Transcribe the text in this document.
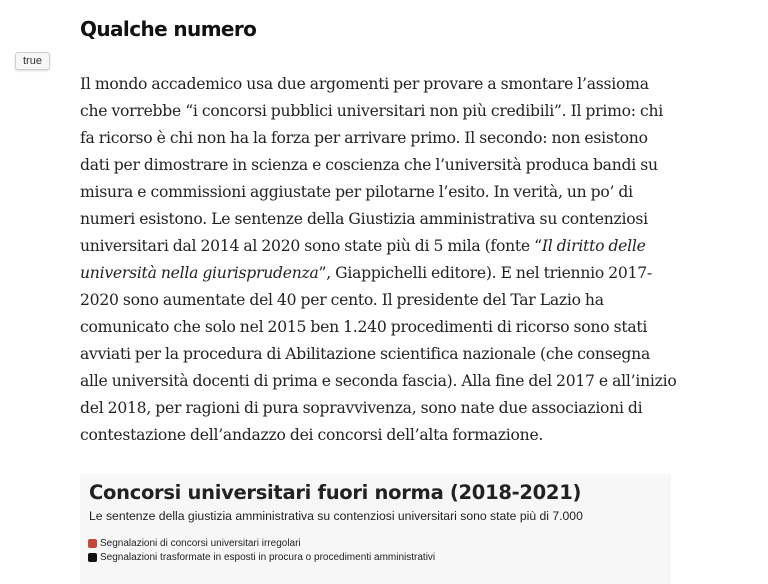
true
Qualche numero

Il mondo accademico usa due argomenti per provare a smontare l’assioma che vorrebbe “i concorsi pubblici universitari non più credibili”. Il primo: chi fa ricorso è chi non ha la forza per arrivare primo. Il secondo: non esistono dati per dimostrare in scienza e coscienza che l’università produca bandi su misura e commissioni aggiustate per pilotarne l’esito. In verità, un po’ di numeri esistono. Le sentenze della Giustizia amministrativa su contenziosi universitari dal 2014 al 2020 sono state più di 5 mila (fonte “Il diritto delle università nella giurisprudenza”, Giappichelli editore). E nel triennio 2017-2020 sono aumentate del 40 per cento. Il presidente del Tar Lazio ha comunicato che solo nel 2015 ben 1.240 procedimenti di ricorso sono stati avviati per la procedura di Abilitazione scientifica nazionale (che consegna alle università docenti di prima e seconda fascia). Alla fine del 2017 e all’inizio del 2018, per ragioni di pura sopravvivenza, sono nate due associazioni di contestazione dell’andazzo dei concorsi dell’alta formazione.

Concorsi universitari fuori norma (2018-2021)
Le sentenze della giustizia amministrativa su contenziosi universitari sono state più di 7.000
Segnalazioni di concorsi universitari irregolari
Segnalazioni trasformate in esposti in procura o procedimenti amministrativi
